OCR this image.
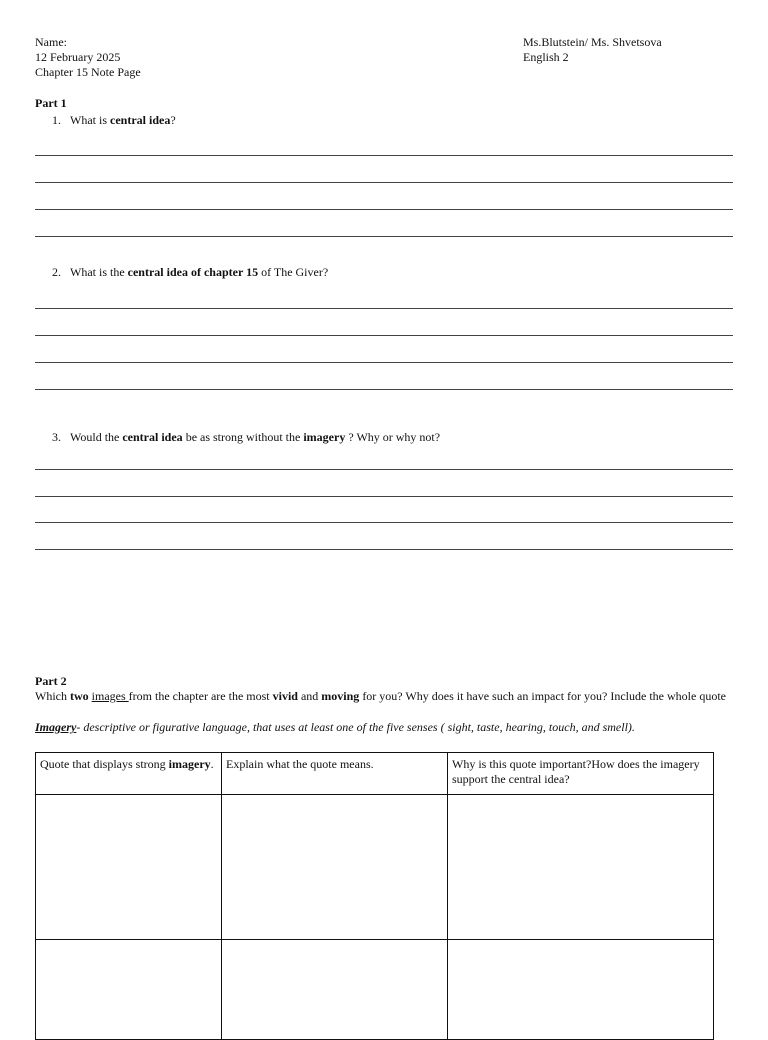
Name:
12 February 2025
Chapter 15 Note Page
Ms.Blutstein/ Ms. Shvetsova
English 2
Part 1
1. What is central idea?
2. What is the central idea of chapter 15 of The Giver?
3. Would the central idea be as strong without the imagery ? Why or why not?
Part 2
Which two images from the chapter are the most vivid and moving for you? Why does it have such an impact for you? Include the whole quote
Imagery- descriptive or figurative language, that uses at least one of the five senses ( sight, taste, hearing, touch, and smell).
Quote that displays strong imagery.	Explain what the quote means.	Why is this quote important?How does the imagery support the central idea?
